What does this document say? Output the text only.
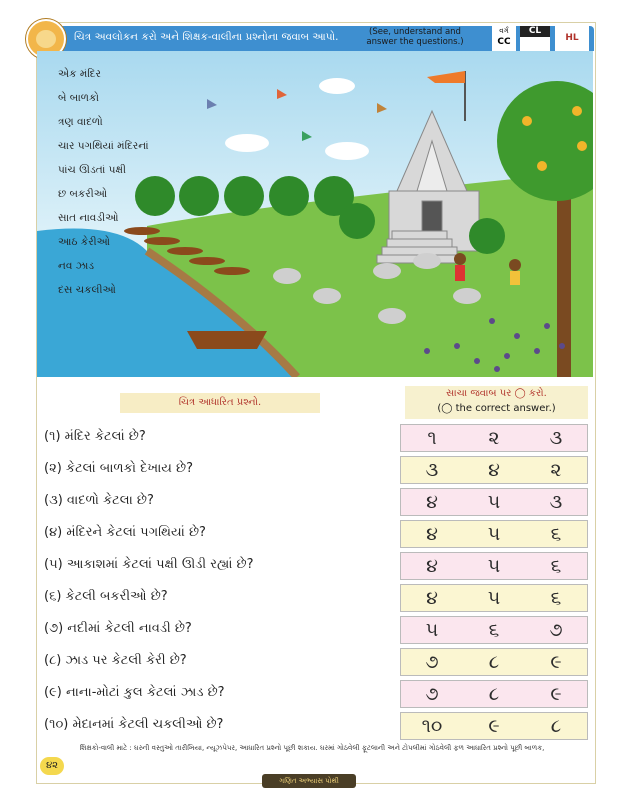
ચિત્ર અવલોકન કરો અને શિક્ષક-વાલીના પ્રશ્નોના જવાબ આપો.	(See, understand and answer the questions.)
વર્ગ
CC
CL
HL
એક મંદિર
બે બાળકો
ત્રણ વાદળો
ચાર પગથિયાં મંદિરનાં
પાંચ ઊડતાં પક્ષી
છ બકરીઓ
સાત નાવડીઓ
આઠ કેરીઓ
નવ ઝાડ
દસ ચકલીઓ
ચિત્ર આધારિત પ્રશ્નો.
સાચા જવાબ પર ◯ કરો.
(◯ the correct answer.)
(૧) મંદિર કેટલાં છે?	૧	૨	૩
(૨) કેટલાં બાળકો દેખાય છે?	૩	૪	૨
(૩) વાદળો કેટલા છે?	૪	૫	૩
(૪) મંદિરને કેટલાં પગથિયાં છે?	૪	૫	૬
(૫) આકાશમાં કેટલાં પક્ષી ઊડી રહ્યાં છે?	૪	૫	૬
(૬) કેટલી બકરીઓ છે?	૪	૫	૬
(૭) નદીમાં કેટલી નાવડી છે?	૫	૬	૭
(૮) ઝાડ પર કેટલી કેરી છે?	૭	૮	૯
(૯) નાના-મોટાં કુલ કેટલાં ઝાડ છે?	૭	૮	૯
(૧૦) મેદાનમાં કેટલી ચકલીઓ છે?	૧૦	૯	૮
શિક્ષકો-વાલી માટે : ઘરની વસ્તુઓ તારીખિયા, ન્યૂઝપેપર, આધારિત પ્રશ્નો પૂછી શકાય. ઘરમાં ગોઠવેલી ફૂટલાની અને ટોપલીમાં ગોઠવેલી ફળ આધારિત પ્રશ્નો પૂછી બાળક,
૪૨
ગણિત અભ્યાસ પોથી
